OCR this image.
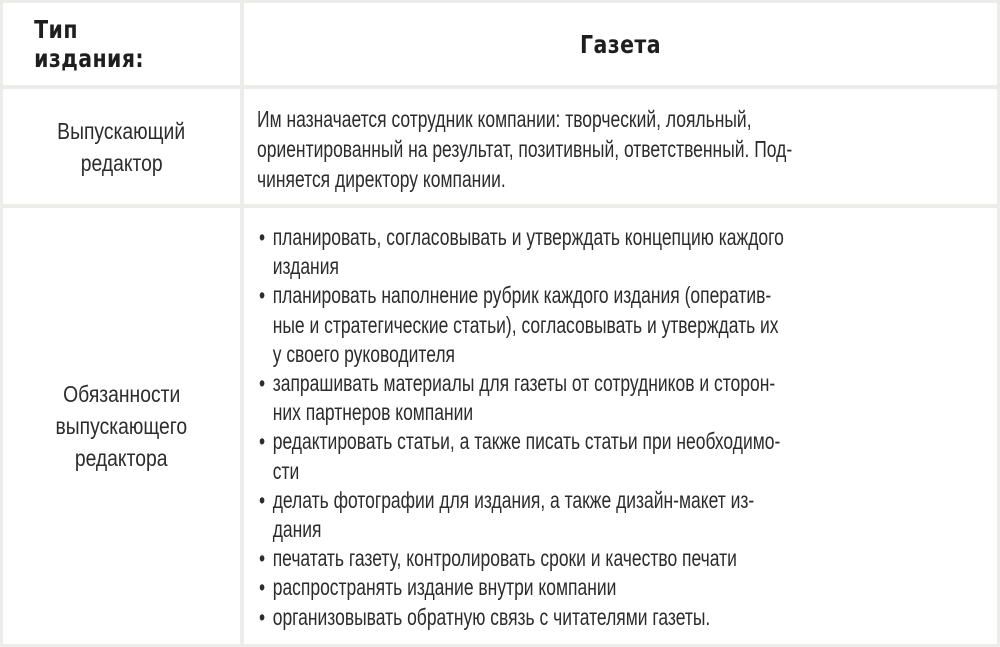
Тип издания:	Газета
Выпускающий
редактор
Им назначается сотрудник компании: творческий, лояльный,
ориентированный на результат, позитивный, ответственный. Под-
чиняется директору компании.
Обязанности
выпускающего
редактора
• планировать, согласовывать и утверждать концепцию каждого
издания
• планировать наполнение рубрик каждого издания (оператив-
ные и стратегические статьи), согласовывать и утверждать их
у своего руководителя
• запрашивать материалы для газеты от сотрудников и сторон-
них партнеров компании
• редактировать статьи, а также писать статьи при необходимо-
сти
• делать фотографии для издания, а также дизайн-макет из-
дания
• печатать газету, контролировать сроки и качество печати
• распространять издание внутри компании
• организовывать обратную связь с читателями газеты.
